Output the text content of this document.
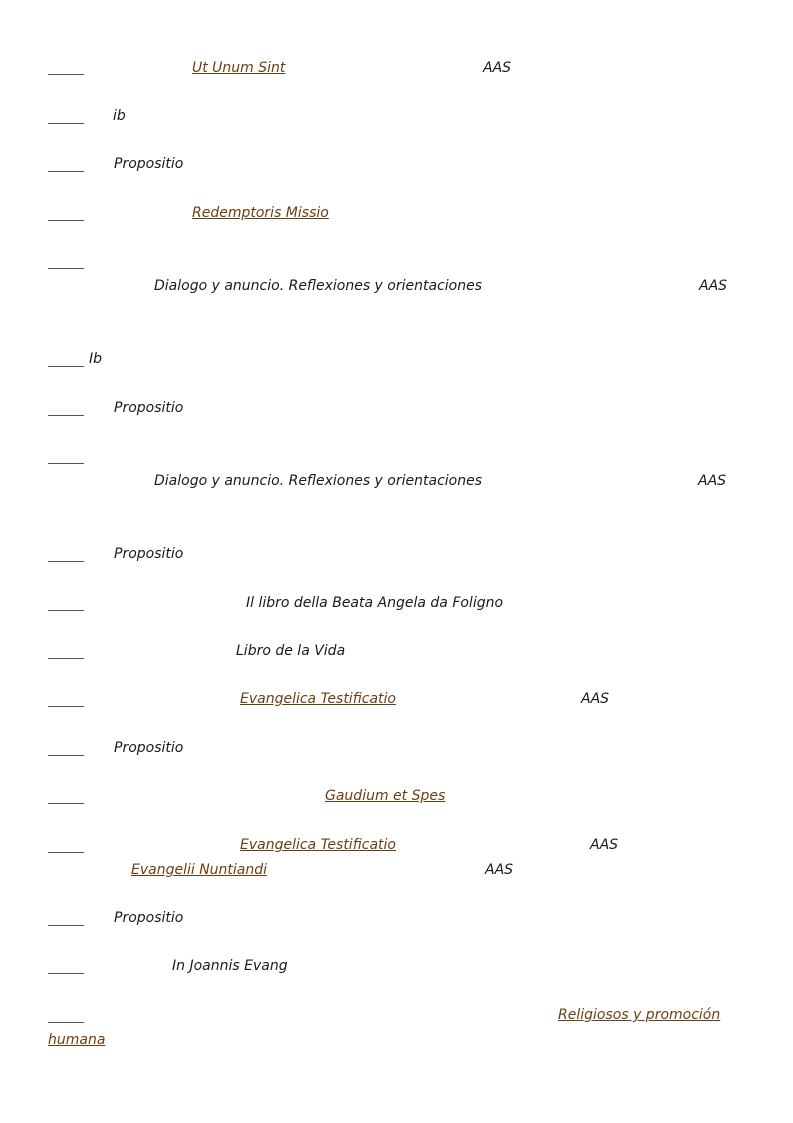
Ut Unum Sint	AAS
ib
Propositio
Redemptoris Missio
Dialogo y anuncio. Reflexiones y orientaciones	AAS
Ib
Propositio
Dialogo y anuncio. Reflexiones y orientaciones	AAS
Propositio
Il libro della Beata Angela da Foligno
Libro de la Vida
Evangelica Testificatio	AAS
Propositio
Gaudium et Spes
Evangelica Testificatio	AAS
Evangelii Nuntiandi	AAS
Propositio
In Joannis Evang
Religiosos y promoción
humana
